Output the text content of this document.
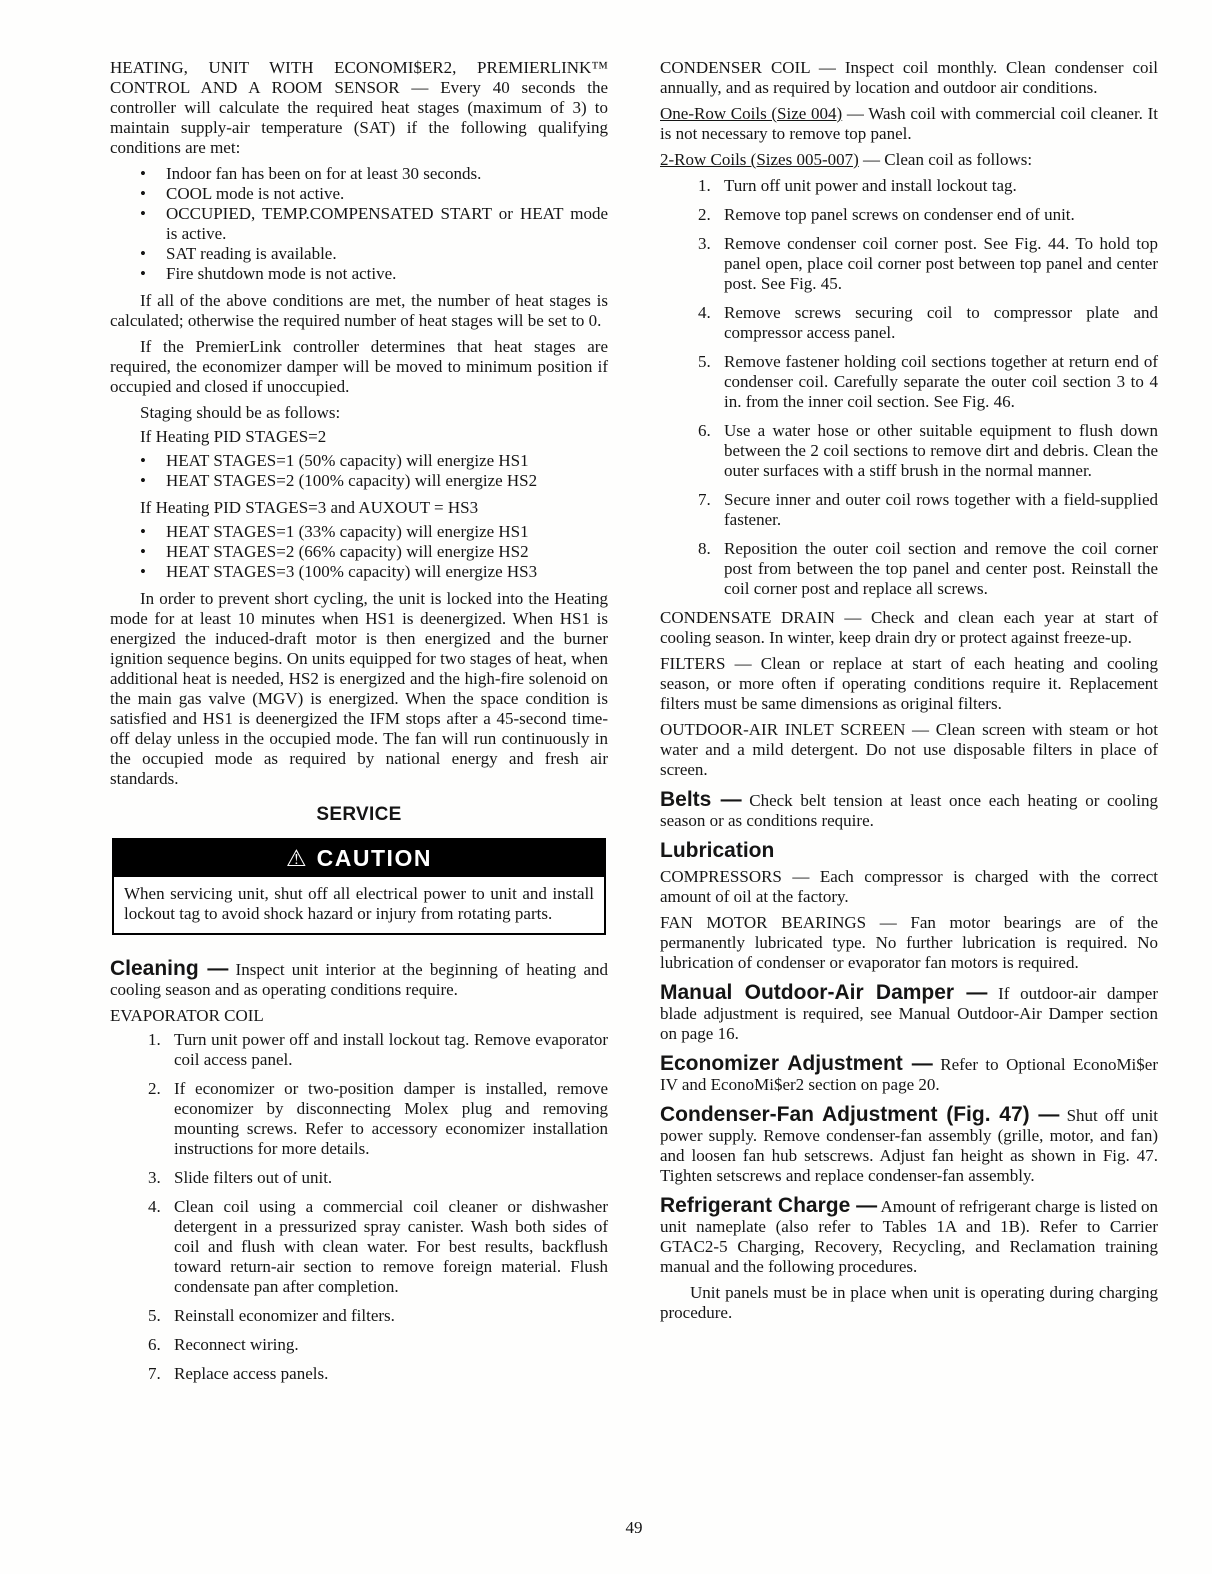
HEATING, UNIT WITH ECONOMI$ER2, PREMIERLINK™ CONTROL AND A ROOM SENSOR — Every 40 seconds the controller will calculate the required heat stages (maximum of 3) to maintain supply-air temperature (SAT) if the following qualifying conditions are met:

• Indoor fan has been on for at least 30 seconds.
• COOL mode is not active.
• OCCUPIED, TEMP.COMPENSATED START or HEAT mode is active.
• SAT reading is available.
• Fire shutdown mode is not active.

If all of the above conditions are met, the number of heat stages is calculated; otherwise the required number of heat stages will be set to 0.

If the PremierLink controller determines that heat stages are required, the economizer damper will be moved to minimum position if occupied and closed if unoccupied.

Staging should be as follows:

If Heating PID STAGES=2

• HEAT STAGES=1 (50% capacity) will energize HS1
• HEAT STAGES=2 (100% capacity) will energize HS2

If Heating PID STAGES=3 and AUXOUT = HS3

• HEAT STAGES=1 (33% capacity) will energize HS1
• HEAT STAGES=2 (66% capacity) will energize HS2
• HEAT STAGES=3 (100% capacity) will energize HS3

In order to prevent short cycling, the unit is locked into the Heating mode for at least 10 minutes when HS1 is deenergized. When HS1 is energized the induced-draft motor is then energized and the burner ignition sequence begins. On units equipped for two stages of heat, when additional heat is needed, HS2 is energized and the high-fire solenoid on the main gas valve (MGV) is energized. When the space condition is satisfied and HS1 is deenergized the IFM stops after a 45-second time-off delay unless in the occupied mode. The fan will run continuously in the occupied mode as required by national energy and fresh air standards.

SERVICE
⚠ CAUTION
When servicing unit, shut off all electrical power to unit and install lockout tag to avoid shock hazard or injury from rotating parts.

Cleaning — Inspect unit interior at the beginning of heating and cooling season and as operating conditions require.

EVAPORATOR COIL

1. Turn unit power off and install lockout tag. Remove evaporator coil access panel.
2. If economizer or two-position damper is installed, remove economizer by disconnecting Molex plug and removing mounting screws. Refer to accessory economizer installation instructions for more details.
3. Slide filters out of unit.
4. Clean coil using a commercial coil cleaner or dishwasher detergent in a pressurized spray canister. Wash both sides of coil and flush with clean water. For best results, backflush toward return-air section to remove foreign material. Flush condensate pan after completion.
5. Reinstall economizer and filters.
6. Reconnect wiring.
7. Replace access panels.

CONDENSER COIL — Inspect coil monthly. Clean condenser coil annually, and as required by location and outdoor air conditions.

One-Row Coils (Size 004) — Wash coil with commercial coil cleaner. It is not necessary to remove top panel.

2-Row Coils (Sizes 005-007) — Clean coil as follows:

1. Turn off unit power and install lockout tag.
2. Remove top panel screws on condenser end of unit.
3. Remove condenser coil corner post. See Fig. 44. To hold top panel open, place coil corner post between top panel and center post. See Fig. 45.
4. Remove screws securing coil to compressor plate and compressor access panel.
5. Remove fastener holding coil sections together at return end of condenser coil. Carefully separate the outer coil section 3 to 4 in. from the inner coil section. See Fig. 46.
6. Use a water hose or other suitable equipment to flush down between the 2 coil sections to remove dirt and debris. Clean the outer surfaces with a stiff brush in the normal manner.
7. Secure inner and outer coil rows together with a field-supplied fastener.
8. Reposition the outer coil section and remove the coil corner post from between the top panel and center post. Reinstall the coil corner post and replace all screws.

CONDENSATE DRAIN — Check and clean each year at start of cooling season. In winter, keep drain dry or protect against freeze-up.

FILTERS — Clean or replace at start of each heating and cooling season, or more often if operating conditions require it. Replacement filters must be same dimensions as original filters.

OUTDOOR-AIR INLET SCREEN — Clean screen with steam or hot water and a mild detergent. Do not use disposable filters in place of screen.

Belts — Check belt tension at least once each heating or cooling season or as conditions require.

Lubrication

COMPRESSORS — Each compressor is charged with the correct amount of oil at the factory.

FAN MOTOR BEARINGS — Fan motor bearings are of the permanently lubricated type. No further lubrication is required. No lubrication of condenser or evaporator fan motors is required.

Manual Outdoor-Air Damper — If outdoor-air damper blade adjustment is required, see Manual Outdoor-Air Damper section on page 16.

Economizer Adjustment — Refer to Optional EconoMi$er IV and EconoMi$er2 section on page 20.

Condenser-Fan Adjustment (Fig. 47) — Shut off unit power supply. Remove condenser-fan assembly (grille, motor, and fan) and loosen fan hub setscrews. Adjust fan height as shown in Fig. 47. Tighten setscrews and replace condenser-fan assembly.

Refrigerant Charge — Amount of refrigerant charge is listed on unit nameplate (also refer to Tables 1A and 1B). Refer to Carrier GTAC2-5 Charging, Recovery, Recycling, and Reclamation training manual and the following procedures.

Unit panels must be in place when unit is operating during charging procedure.

49
